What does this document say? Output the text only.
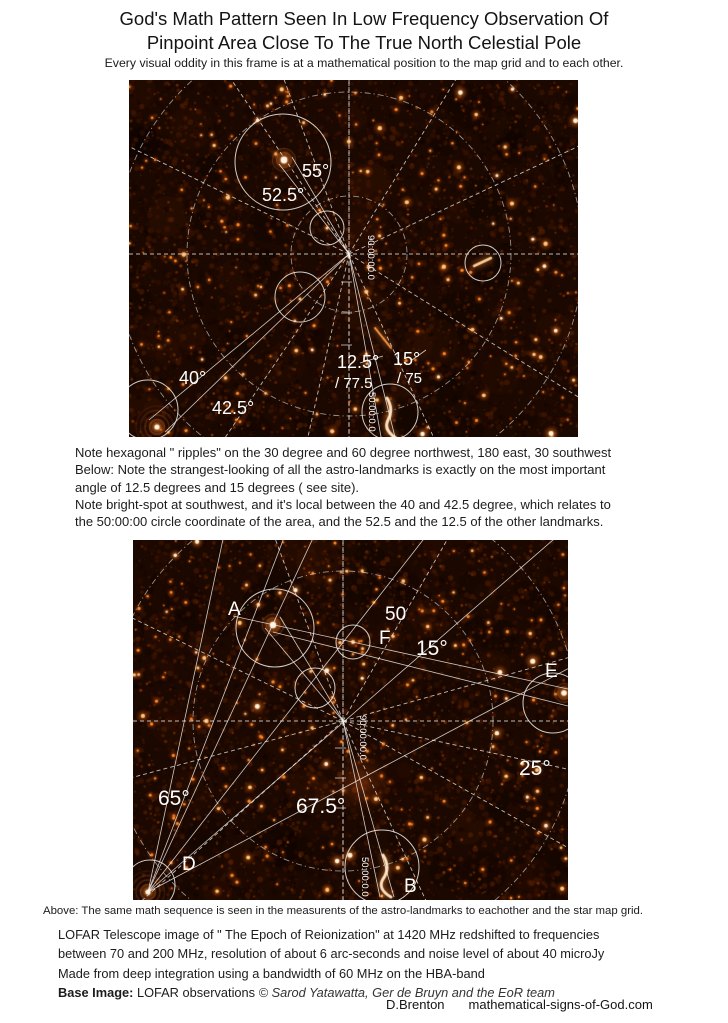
God's Math Pattern Seen In Low Frequency Observation Of
Pinpoint Area Close To The True North Celestial Pole
Every visual oddity in this frame is at a mathematical position to the map grid and to each other.
55°
52.5°
40°
42.5°
12.5°
/ 77.5
15°
/ 75
90:00:00.0
50:00:0.0
Note hexagonal " ripples" on the 30 degree and 60 degree northwest, 180 east, 30 southwest
Below: Note the strangest-looking of all the astro-landmarks is exactly on the most important
angle of 12.5 degrees and 15 degrees ( see site).
Note bright-spot at southwest, and it's local between the 40 and 42.5 degree, which relates to
the 50:00:00 circle coordinate of the area, and the 52.5 and the 12.5 of the other landmarks.
A	50
F 15°
E
25°
65°	67.5°
D
B
90:00:00.0
50:00:0.0
Above: The same math sequence is seen in the measurents of the astro-landmarks to eachother and the star map grid.
LOFAR Telescope image of " The Epoch of Reionization" at 1420 MHz redshifted to frequencies
between 70 and 200 MHz, resolution of about 6 arc-seconds and noise level of about 40 microJy
Made from deep integration using a bandwidth of 60 MHz on the HBA-band
Base Image: LOFAR observations © Sarod Yatawatta, Ger de Bruyn and the EoR team
D.Brenton mathematical-signs-of-God.com
